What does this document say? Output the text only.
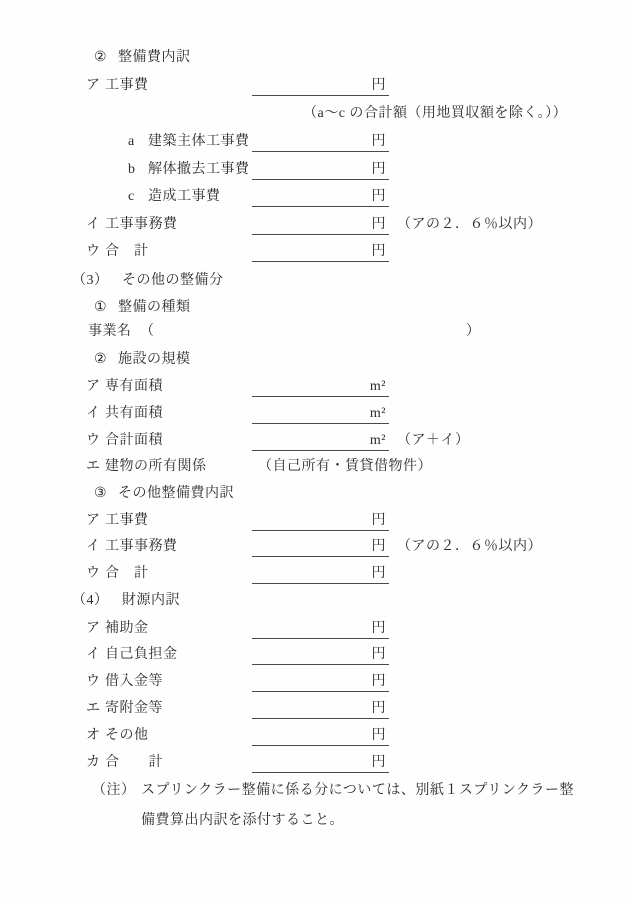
② 整備費内訳
ア 工事費	円
（a〜c の合計額（用地買収額を除く。））
a 建築主体工事費	円
b 解体撤去工事費	円
c 造成工事費	円
イ 工事事務費	円 （アの２．６％以内）
ウ 合　計	円
（3） その他の整備分
① 整備の種類
事業名 （	）
② 施設の規模
ア 専有面積	m²
イ 共有面積	m²
ウ 合計面積	m² （ア＋イ）
エ 建物の所有関係	（自己所有・賃貸借物件）
③ その他整備費内訳
ア 工事費	円
イ 工事事務費	円 （アの２．６％以内）
ウ 合　計	円
（4） 財源内訳
ア 補助金	円
イ 自己負担金	円
ウ 借入金等	円
エ 寄附金等	円
オ その他	円
カ 合　　計	円
（注） スプリンクラー整備に係る分については、別紙１スプリンクラー整
備費算出内訳を添付すること。
